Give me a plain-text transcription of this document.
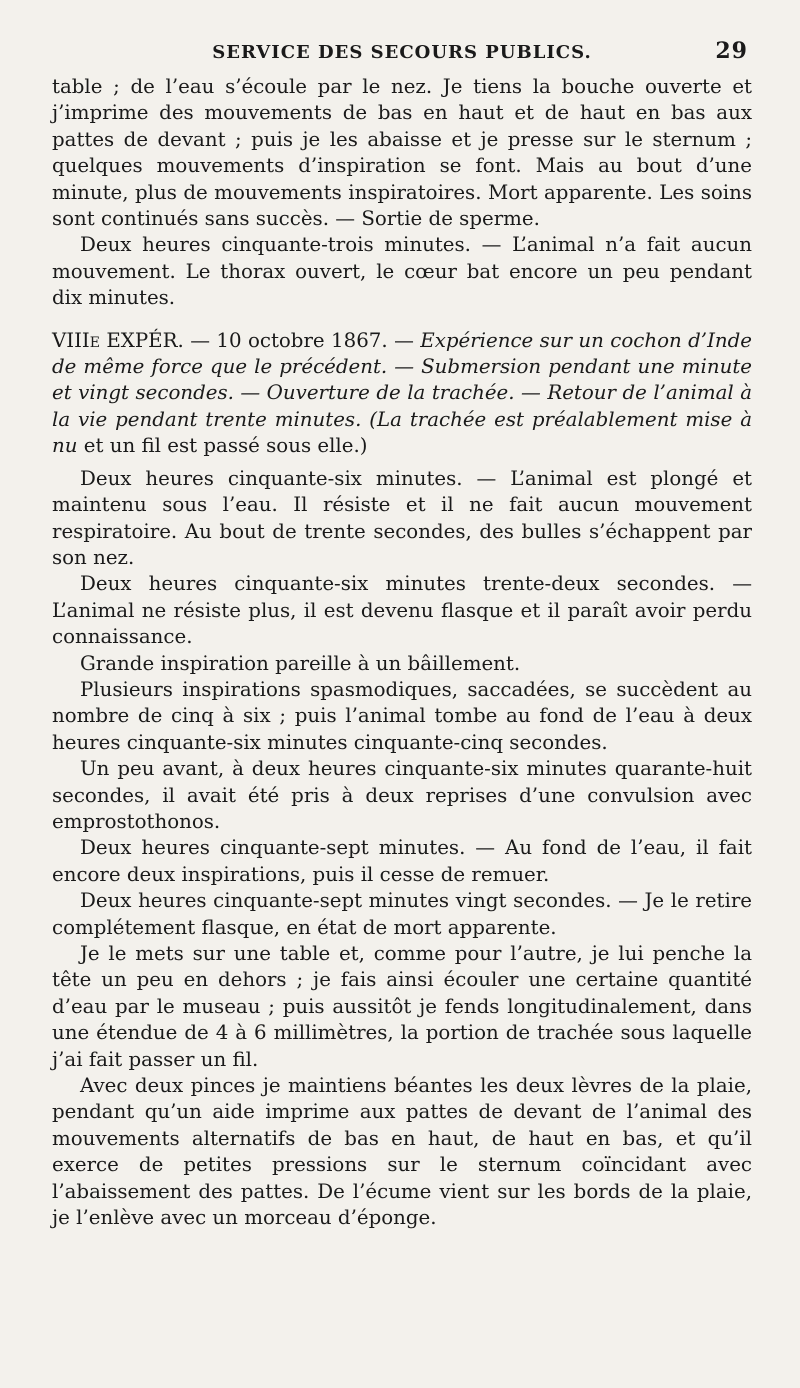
SERVICE DES SECOURS PUBLICS.	29

table ; de l’eau s’écoule par le nez. Je tiens la bouche ouverte et j’imprime des mouvements de bas en haut et de haut en bas aux pattes de devant ; puis je les abaisse et je presse sur le sternum ; quelques mouvements d’inspiration se font. Mais au bout d’une minute, plus de mouvements inspiratoires. Mort apparente. Les soins sont continués sans succès. — Sortie de sperme.

Deux heures cinquante-trois minutes. — L’animal n’a fait aucun mouvement. Le thorax ouvert, le cœur bat encore un peu pendant dix minutes.

VIIIe EXPÉR. — 10 octobre 1867. — Expérience sur un cochon d’Inde de même force que le précédent. — Submersion pendant une minute et vingt secondes. — Ouverture de la trachée. — Retour de l’animal à la vie pendant trente minutes. (La trachée est préalablement mise à nu et un fil est passé sous elle.)

Deux heures cinquante-six minutes. — L’animal est plongé et maintenu sous l’eau. Il résiste et il ne fait aucun mouvement respiratoire. Au bout de trente secondes, des bulles s’échappent par son nez.

Deux heures cinquante-six minutes trente-deux secondes. — L’animal ne résiste plus, il est devenu flasque et il paraît avoir perdu connaissance.

Grande inspiration pareille à un bâillement.

Plusieurs inspirations spasmodiques, saccadées, se succèdent au nombre de cinq à six ; puis l’animal tombe au fond de l’eau à deux heures cinquante-six minutes cinquante-cinq secondes.

Un peu avant, à deux heures cinquante-six minutes quarante-huit secondes, il avait été pris à deux reprises d’une convulsion avec emprostothonos.

Deux heures cinquante-sept minutes. — Au fond de l’eau, il fait encore deux inspirations, puis il cesse de remuer.

Deux heures cinquante-sept minutes vingt secondes. — Je le retire complétement flasque, en état de mort apparente.

Je le mets sur une table et, comme pour l’autre, je lui penche la tête un peu en dehors ; je fais ainsi écouler une certaine quantité d’eau par le museau ; puis aussitôt je fends longitudinalement, dans une étendue de 4 à 6 millimètres, la portion de trachée sous laquelle j’ai fait passer un fil.

Avec deux pinces je maintiens béantes les deux lèvres de la plaie, pendant qu’un aide imprime aux pattes de devant de l’animal des mouvements alternatifs de bas en haut, de haut en bas, et qu’il exerce de petites pressions sur le sternum coïncidant avec l’abaissement des pattes. De l’écume vient sur les bords de la plaie, je l’enlève avec un morceau d’éponge.
